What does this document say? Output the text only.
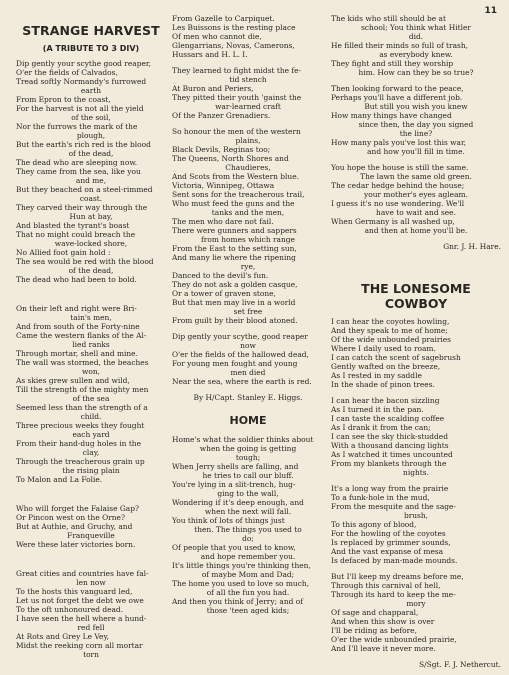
11
STRANGE HARVEST
(A TRIBUTE TO 3 DIV)
Dip gently your scythe good reaper,
O'er the fields of Calvados,
Tread softly Normandy's furrowed
earth
From Epron to the coast,
For the harvest is not all the yield
of the soil,
Nor the furrows the mark of the
plough,
But the earth's rich red is the blood
of the dead,
The dead who are sleeping now.
They came from the sea, like you
and me,
But they beached on a steel-rimmed
coast.
They carved their way through the
Hun at bay,
And blasted the tyrant's boast
That no might could breach the
wave-locked shore,
No Allied foot gain hold :
The sea would be red with the blood
of the dead,
The dead who had been to bold.
On their left and right were Bri-
tain's men,
And from south of the Forty-nine
Came the western flanks of the Al-
lied ranks
Through mortar, shell and mine.
The wall was stormed, the beaches
won,
As skies grew sullen and wild,
Till the strength of the mighty men
of the sea
Seemed less than the strength of a
child.
Three precious weeks they fought
each yard
From their hand-dug holes in the
clay,
Through the treacherous grain up
the rising plain
To Malon and La Folie.
Who will forget the Falaise Gap?
Or Pincon west on the Orne?
But at Authie, and Gruchy, and
Franqueville
Were these later victories born.
Great cities and countries have fal-
len now
To the hosts this vanguard led,
Let us not forget the debt we owe
To the oft unhonoured dead.
I have seen the hell where a hund-
red fell
At Rots and Grey Le Vey,
Midst the reeking corn all mortar
torn
From Gazelle to Carpiquet.
Les Buissons is the resting place
Of men who cannot die,
Glengarrians, Novas, Camerons,
Hussars and H. L. I.
They learned to fight midst the fe-
tid stench
At Buron and Periers,
They pitted their youth 'gainst the
war-learned craft
Of the Panzer Grenadiers.
So honour the men of the western
plains,
Black Devils, Reginas too;
The Queens, North Shores and
Chaudieres,
And Scots from the Western blue.
Victoria, Winnipeg, Ottawa
Sent sons for the treacherous trail,
Who must feed the guns and the
tanks and the men,
The men who dare not fail.
There were gunners and sappers
from homes which range
From the East to the setting sun,
And many lie where the ripening
rye,
Danced to the devil's fun.
They do not ask a golden casque,
Or a tower of graven stone,
But that men may live in a world
set free
From guilt by their blood atoned.
Dip gently your scythe, good reaper
now
O'er the fields of the hallowed dead,
For young men fought and young
men died
Near the sea, where the earth is red.
By H/Capt. Stanley E. Higgs.
HOME
Home's what the soldier thinks about
when the going is getting
tough;
When Jerry shells are falling, and
he tries to call our bluff.
You're lying in a slit-trench, hug-
ging to the wall,
Wondering if it's deep enough, and
when the next will fall.
You think of lots of things just
then. The things you used to
do;
Of people that you used to know,
and hope remember you.
It's little things you're thinking then,
of maybe Mom and Dad;
The home you used to love so much,
of all the fun you had.
And then you think of Jerry; and of
those 'teen aged kids;
The kids who still should be at
school; You think what Hitler
did.
He filled their minds so full of trash,
as everybody knew.
They fight and still they worship
him. How can they be so true?
Then looking forward to the peace,
Perhaps you'll have a different job.
But still you wish you knew
How many things have changed
since then, the day you signed
the line?
How many pals you've lost this war,
and how you'll fill in time.
You hope the house is still the same.
The lawn the same old green.
The cedar hedge behind the house;
your mother's eyes agleam.
I guess it's no use wondering. We'll
have to wait and see.
When Germany is all washed up,
and then at home you'll be.
Gnr. J. H. Hare.
THE LONESOME
COWBOY
I can hear the coyotes howling,
And they speak to me of home;
Of the wide unbounded prairies
Where I daily used to roam.
I can catch the scent of sagebrush
Gently wafted on the breeze,
As I rested in my saddle
In the shade of pinon trees.
I can hear the bacon sizzling
As I turned it in the pan.
I can taste the scalding coffee
As I drank it from the can;
I can see the sky thick-studded
With a thousand dancing lights
As I watched it times uncounted
From my blankets through the
nights.
It's a long way from the prairie
To a funk-hole in the mud,
From the mesquite and the sage-
brush,
To this agony of blood,
For the howling of the coyotes
Is replaced by grimmer sounds,
And the vast expanse of mesa
Is defaced by man-made mounds.
But I'll keep my dreams before me,
Through this carnival of hell,
Through its hard to keep the me-
mory
Of sage and chapparal,
And when this show is over
I'll be riding as before,
O'er the wide unbounded prairie,
And I'll leave it never more.
S/Sgt. F. J. Nethercut.
